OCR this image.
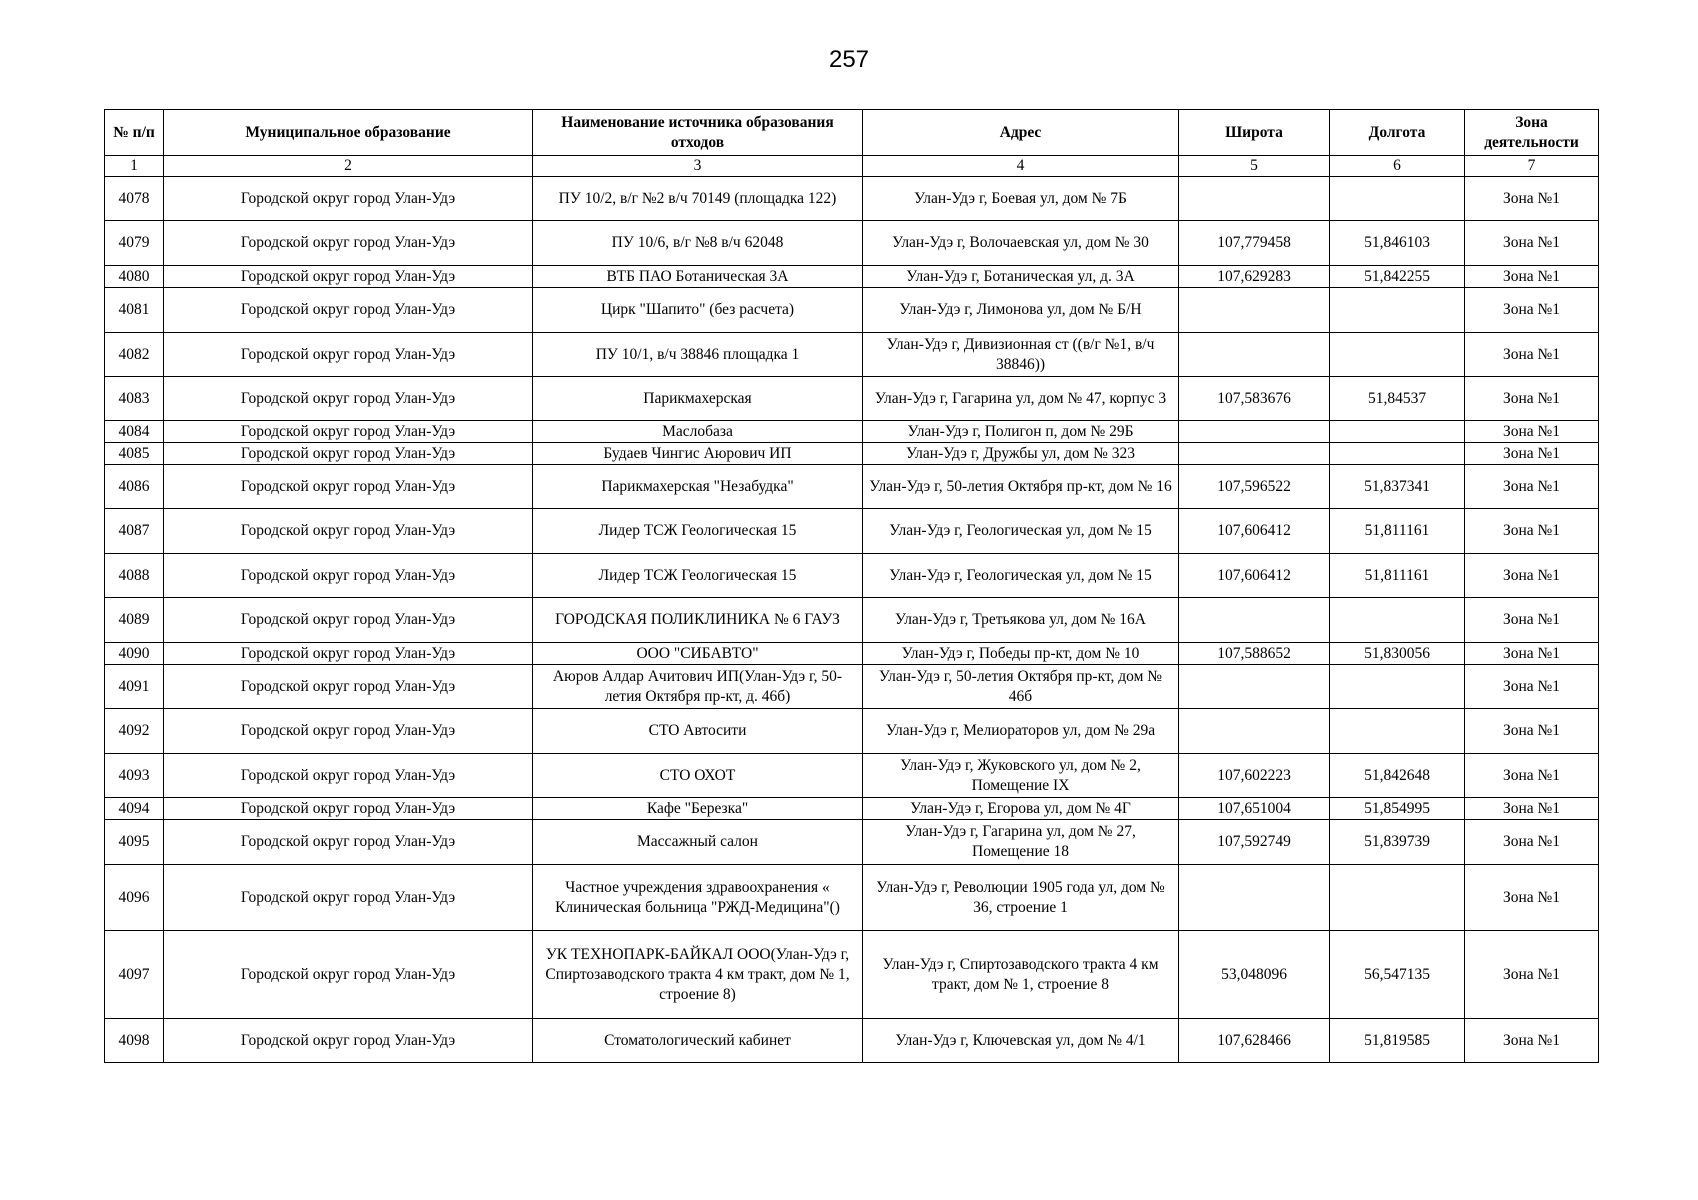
257
№ п/п	Муниципальное образование	Наименование источника образования отходов	Адрес	Широта	Долгота	Зона деятельности
1	2	3	4	5	6	7
4078	Городской округ город Улан-Удэ	ПУ 10/2, в/г №2 в/ч 70149 (площадка 122)	Улан-Удэ г, Боевая ул, дом № 7Б			Зона №1
4079	Городской округ город Улан-Удэ	ПУ 10/6, в/г №8 в/ч 62048	Улан-Удэ г, Волочаевская ул, дом № 30	107,779458	51,846103	Зона №1
4080	Городской округ город Улан-Удэ	ВТБ ПАО Ботаническая 3А	Улан-Удэ г, Ботаническая ул, д. 3А	107,629283	51,842255	Зона №1
4081	Городской округ город Улан-Удэ	Цирк "Шапито" (без расчета)	Улан-Удэ г, Лимонова ул, дом № Б/Н			Зона №1
4082	Городской округ город Улан-Удэ	ПУ 10/1, в/ч 38846 площадка 1	Улан-Удэ г, Дивизионная ст ((в/г №1, в/ч 38846))			Зона №1
4083	Городской округ город Улан-Удэ	Парикмахерская	Улан-Удэ г, Гагарина ул, дом № 47, корпус 3	107,583676	51,84537	Зона №1
4084	Городской округ город Улан-Удэ	Маслобаза	Улан-Удэ г, Полигон п, дом № 29Б			Зона №1
4085	Городской округ город Улан-Удэ	Будаев Чингис Аюрович ИП	Улан-Удэ г, Дружбы ул, дом № 323			Зона №1
4086	Городской округ город Улан-Удэ	Парикмахерская "Незабудка"	Улан-Удэ г, 50-летия Октября пр-кт, дом № 16	107,596522	51,837341	Зона №1
4087	Городской округ город Улан-Удэ	Лидер ТСЖ Геологическая 15	Улан-Удэ г, Геологическая ул, дом № 15	107,606412	51,811161	Зона №1
4088	Городской округ город Улан-Удэ	Лидер ТСЖ Геологическая 15	Улан-Удэ г, Геологическая ул, дом № 15	107,606412	51,811161	Зона №1
4089	Городской округ город Улан-Удэ	ГОРОДСКАЯ ПОЛИКЛИНИКА № 6 ГАУЗ	Улан-Удэ г, Третьякова ул, дом № 16А			Зона №1
4090	Городской округ город Улан-Удэ	ООО "СИБАВТО"	Улан-Удэ г, Победы пр-кт, дом № 10	107,588652	51,830056	Зона №1
4091	Городской округ город Улан-Удэ	Аюров Алдар Ачитович ИП(Улан-Удэ г, 50-летия Октября пр-кт, д. 46б)	Улан-Удэ г, 50-летия Октября пр-кт, дом № 46б			Зона №1
4092	Городской округ город Улан-Удэ	СТО Автосити	Улан-Удэ г, Мелиораторов ул, дом № 29а			Зона №1
4093	Городской округ город Улан-Удэ	СТО ОХОТ	Улан-Удэ г, Жуковского ул, дом № 2, Помещение IX	107,602223	51,842648	Зона №1
4094	Городской округ город Улан-Удэ	Кафе "Березка"	Улан-Удэ г, Егорова ул, дом № 4Г	107,651004	51,854995	Зона №1
4095	Городской округ город Улан-Удэ	Массажный салон	Улан-Удэ г, Гагарина ул, дом № 27, Помещение 18	107,592749	51,839739	Зона №1
4096	Городской округ город Улан-Удэ	Частное учреждения здравоохранения « Клиническая больница "РЖД-Медицина"()	Улан-Удэ г, Революции 1905 года ул, дом № 36, строение 1			Зона №1
4097	Городской округ город Улан-Удэ	УК ТЕХНОПАРК-БАЙКАЛ ООО(Улан-Удэ г, Спиртозаводского тракта 4 км тракт, дом № 1, строение 8)	Улан-Удэ г, Спиртозаводского тракта 4 км тракт, дом № 1, строение 8	53,048096	56,547135	Зона №1
4098	Городской округ город Улан-Удэ	Стоматологический кабинет	Улан-Удэ г, Ключевская ул, дом № 4/1	107,628466	51,819585	Зона №1
